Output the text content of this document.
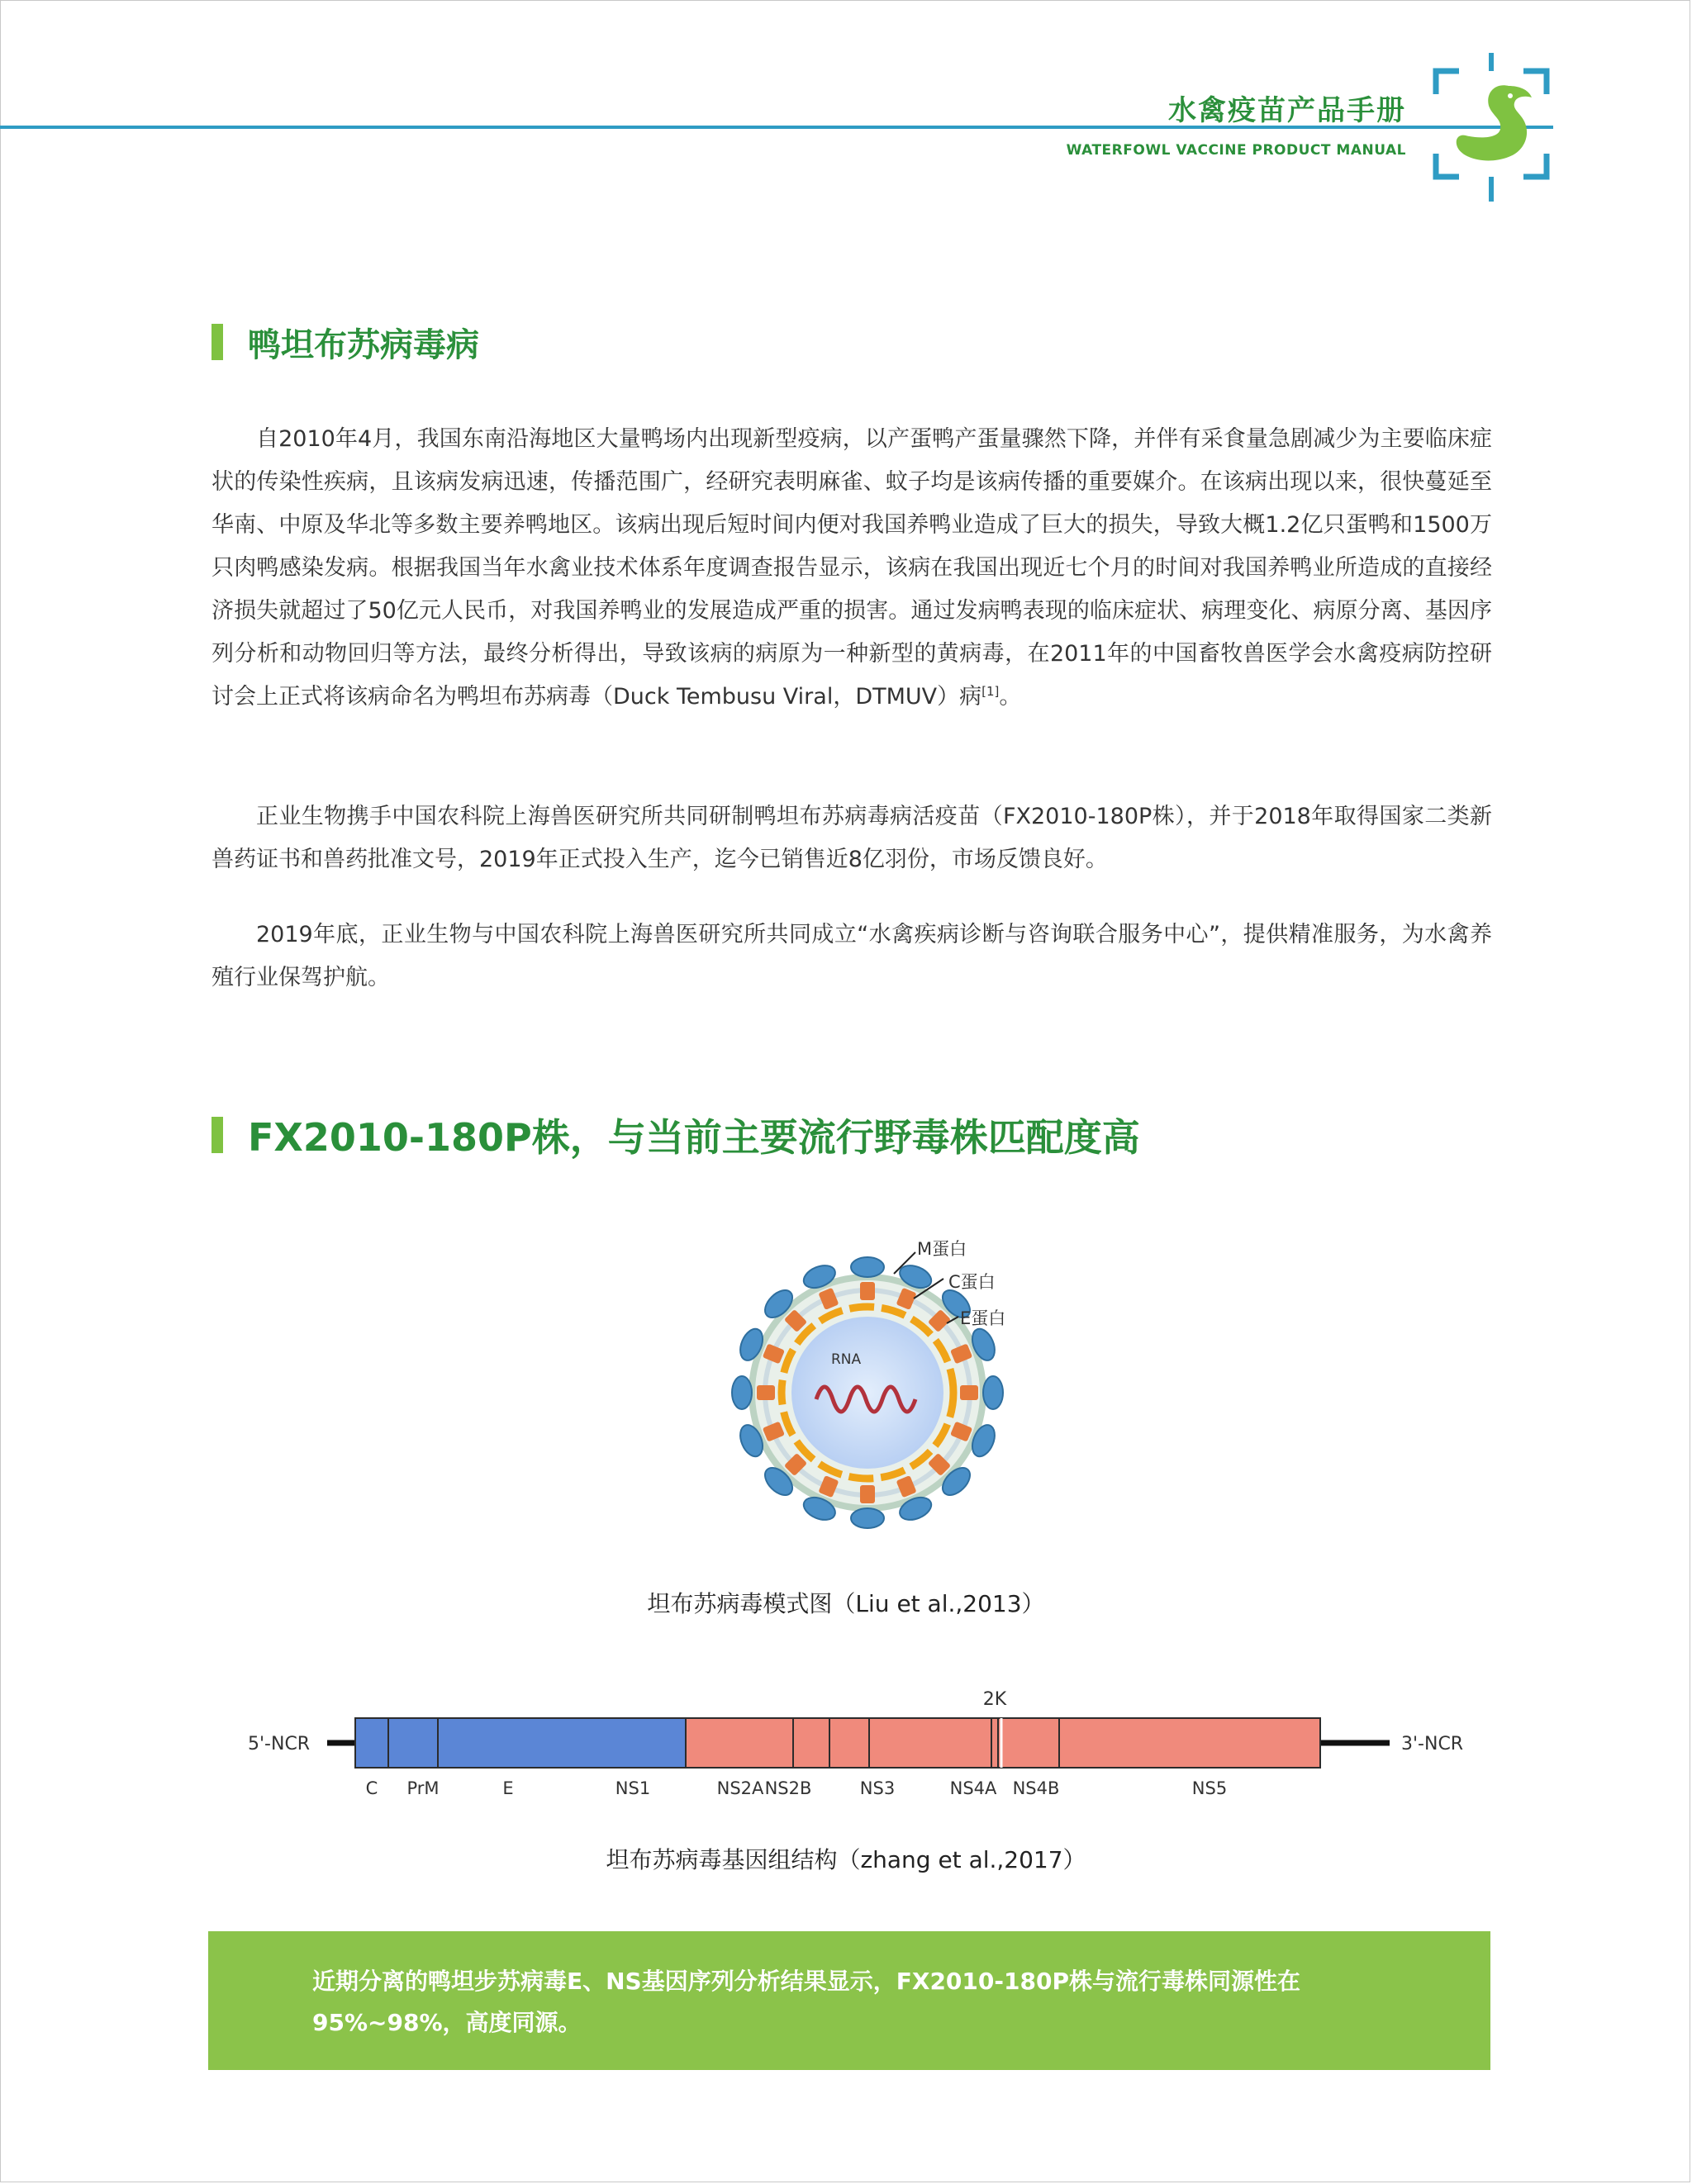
水禽疫苗产品手册
WATERFOWL VACCINE PRODUCT MANUAL
鸭坦布苏病毒病
自2010年4月，我国东南沿海地区大量鸭场内出现新型疫病，以产蛋鸭产蛋量骤然下降，并伴有采食量急剧减少为主要临床症状的传染性疾病，且该病发病迅速，传播范围广，经研究表明麻雀、蚊子均是该病传播的重要媒介。在该病出现以来，很快蔓延至华南、中原及华北等多数主要养鸭地区。该病出现后短时间内便对我国养鸭业造成了巨大的损失，导致大概1.2亿只蛋鸭和1500万只肉鸭感染发病。根据我国当年水禽业技术体系年度调查报告显示，该病在我国出现近七个月的时间对我国养鸭业所造成的直接经济损失就超过了50亿元人民币，对我国养鸭业的发展造成严重的损害。通过发病鸭表现的临床症状、病理变化、病原分离、基因序列分析和动物回归等方法，最终分析得出，导致该病的病原为一种新型的黄病毒，在2011年的中国畜牧兽医学会水禽疫病防控研讨会上正式将该病命名为鸭坦布苏病毒（Duck Tembusu Viral，DTMUV）病[1]。
正业生物携手中国农科院上海兽医研究所共同研制鸭坦布苏病毒病活疫苗（FX2010-180P株），并于2018年取得国家二类新兽药证书和兽药批准文号，2019年正式投入生产，迄今已销售近8亿羽份，市场反馈良好。
2019年底，正业生物与中国农科院上海兽医研究所共同成立“水禽疾病诊断与咨询联合服务中心”，提供精准服务，为水禽养殖行业保驾护航。
FX2010-180P株，与当前主要流行野毒株匹配度高
M蛋白
C蛋白
E蛋白
RNA
坦布苏病毒模式图（Liu et al.,2013）
5'-NCR	3'-NCR
2K
C PrM	E	NS1	NS2A NS2B	NS3	NS4A NS4B	NS5
坦布苏病毒基因组结构（zhang et al.,2017）
近期分离的鸭坦步苏病毒E、NS基因序列分析结果显示，FX2010-180P株与流行毒株同源性在95%~98%，高度同源。
